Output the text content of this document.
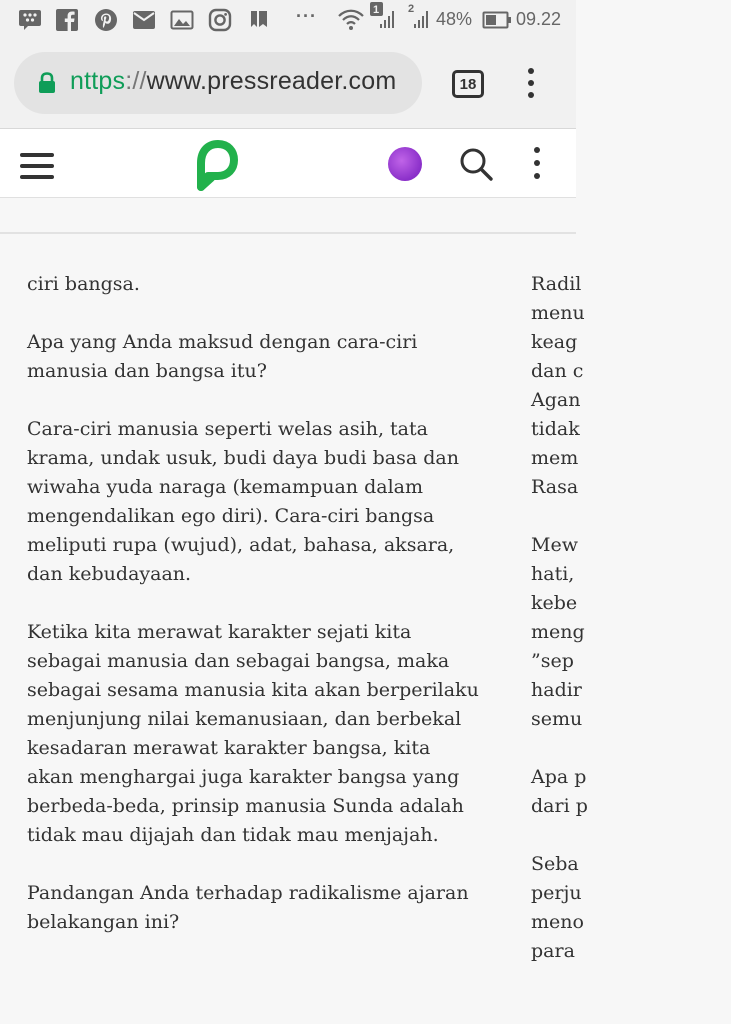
···	1	2 48% 09.22
nttps://www.pressreader.com	18

ciri bangsa.

Apa yang Anda maksud dengan cara-ciri manusia dan bangsa itu?

Cara-ciri manusia seperti welas asih, tata krama, undak usuk, budi daya budi basa dan wiwaha yuda naraga (kemampuan dalam mengendalikan ego diri). Cara-ciri bangsa meliputi rupa (wujud), adat, bahasa, aksara, dan kebudayaan.

Ketika kita merawat karakter sejati kita sebagai manusia dan sebagai bangsa, maka sebagai sesama manusia kita akan berperilaku menjunjung nilai kemanusiaan, dan berbekal kesadaran merawat karakter bangsa, kita akan menghargai juga karakter bangsa yang berbeda-beda, prinsip manusia Sunda adalah tidak mau dijajah dan tidak mau menjajah.

Pandangan Anda terhadap radikalisme ajaran belakangan ini?

Radil
menu
keag
dan c
Agan
tidak
mem
Rasa
Mew
hati,
kebe
meng
”sep
hadir
semu
Apa p
dari p
Seba
perju
meno
para
